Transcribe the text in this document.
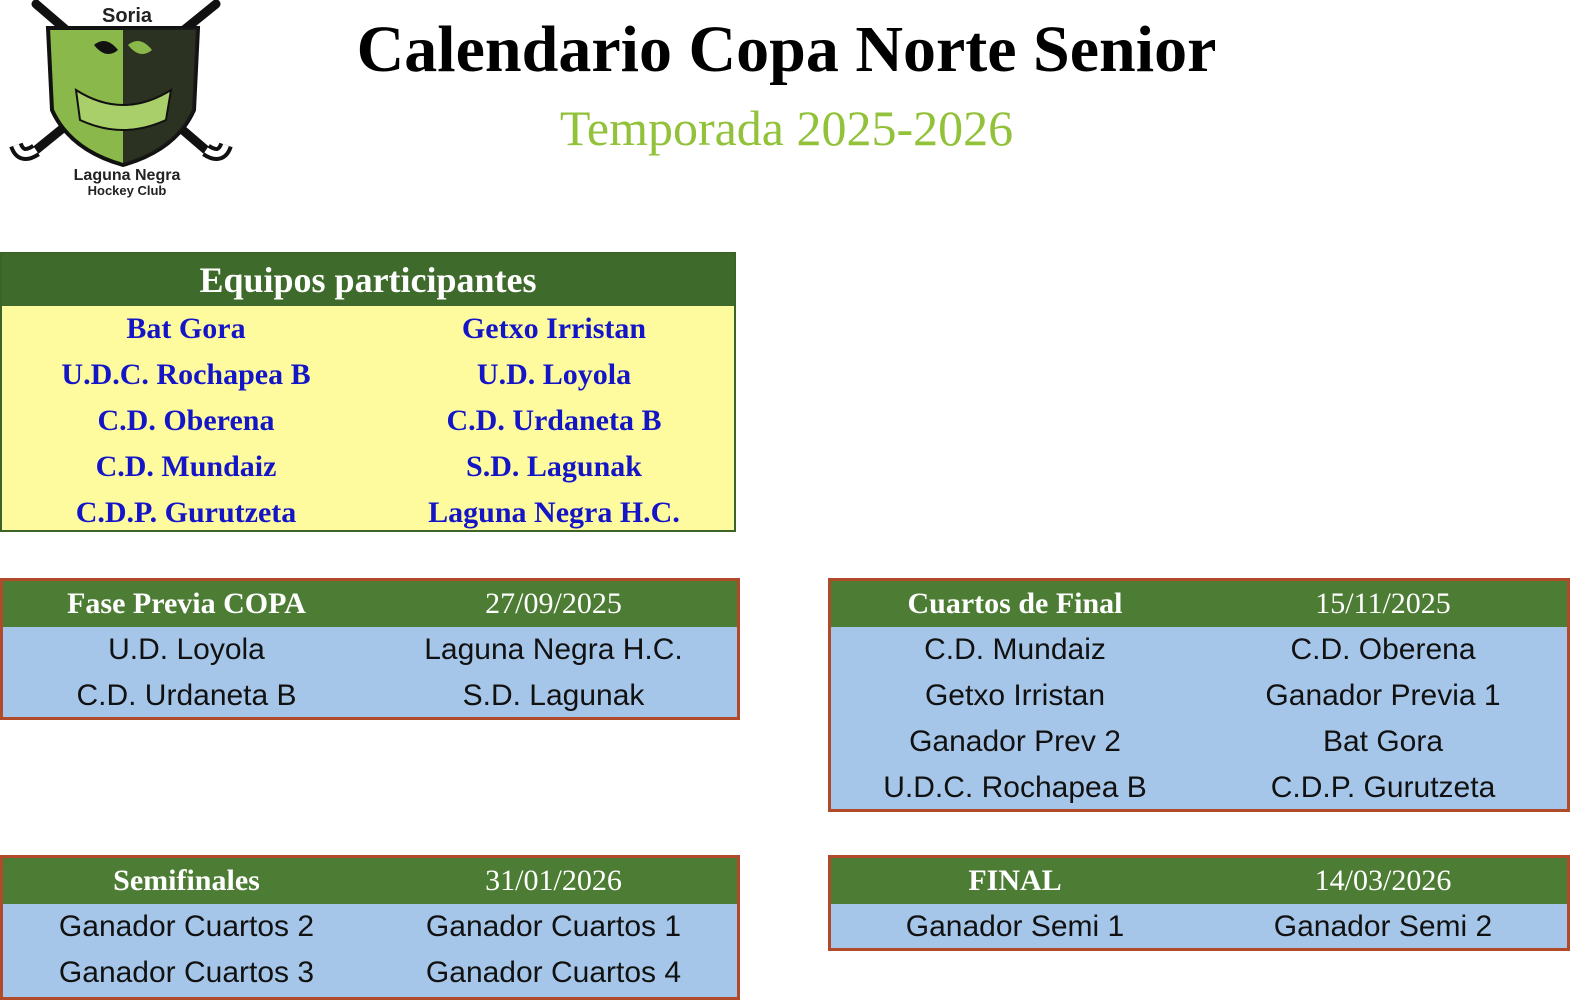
Soria
Laguna Negra
Hockey Club
Calendario Copa Norte Senior
Temporada 2025-2026
Equipos participantes
Bat Gora	Getxo Irristan
U.D.C. Rochapea B	U.D. Loyola
C.D. Oberena	C.D. Urdaneta B
C.D. Mundaiz	S.D. Lagunak
C.D.P. Gurutzeta	Laguna Negra H.C.
Fase Previa COPA	27/09/2025
U.D. Loyola	Laguna Negra H.C.
C.D. Urdaneta B	S.D. Lagunak
Cuartos de Final	15/11/2025
C.D. Mundaiz	C.D. Oberena
Getxo Irristan	Ganador Previa 1
Ganador Prev 2	Bat Gora
U.D.C. Rochapea B	C.D.P. Gurutzeta
Semifinales	31/01/2026
Ganador Cuartos 2	Ganador Cuartos 1
Ganador Cuartos 3	Ganador Cuartos 4
FINAL	14/03/2026
Ganador Semi 1	Ganador Semi 2
